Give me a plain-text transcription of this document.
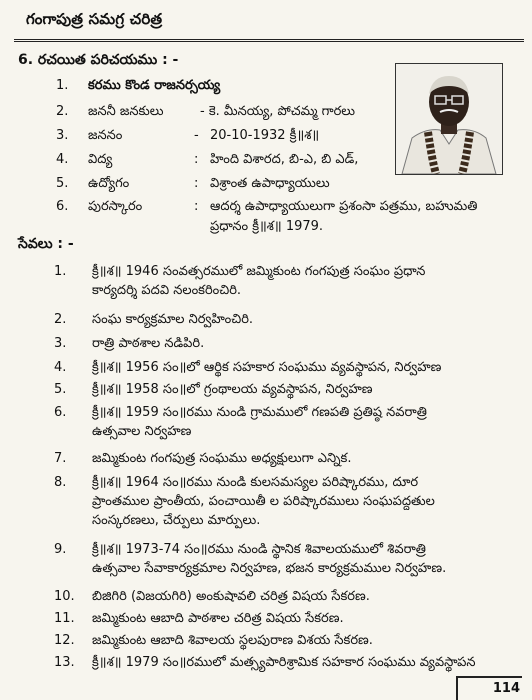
గంగాపుత్ర సమగ్ర చరిత్ర
6. రచయిత పరిచయము : -
1.	కరము కొండ రాజనర్సయ్య
2.	జననీ జనకులు	- కె. మీనయ్య, పోచమ్మ గారలు
3.	జననం	- 20-10-1932 క్రీ॥శ॥
4.	విద్య	: హింది విశారద, బి-ఎ, బి ఎడ్,
5.	ఉద్యోగం	: విశ్రాంత ఉపాధ్యాయులు
6.	పురస్కారం	: ఆదర్శ ఉపాధ్యాయులుగా ప్రశంసా పత్రము, బహుమతి
ప్రధానం క్రీ॥శ॥ 1979.
సేవలు : -
1.	క్రీ॥శ॥ 1946 సంవత్సరములో జమ్మికుంట గంగపుత్ర సంఘం ప్రధాన
కార్యదర్శి పదవి నలంకరించిరి.
2.	సంఘ కార్యక్రమాల నిర్వహించిరి.
3.	రాత్రి పాఠశాల నడిపిరి.
4.	క్రీ॥శ॥ 1956 సం॥లో ఆర్థిక సహకార సంఘము వ్యవస్థాపన, నిర్వహణ
5.	క్రీ॥శ॥ 1958 సం॥లో గ్రంథాలయ వ్యవస్థాపన, నిర్వహణ
6.	క్రీ॥శ॥ 1959 సం॥రము నుండి గ్రామములో గణపతి ప్రతిష్ఠ నవరాత్రి
ఉత్సవాల నిర్వహణ
7.	జమ్మికుంట గంగపుత్ర సంఘము అధ్యక్షులుగా ఎన్నిక.
8.	క్రీ॥శ॥ 1964 సం॥రము నుండి కులసమస్యల పరిష్కారము, దూర
ప్రాంతముల ప్రాంతీయ, పంచాయితీ ల పరిష్కారములు సంఘపద్దతుల
సంస్కరణలు, చేర్పులు మార్పులు.
9.	క్రీ॥శ॥ 1973-74 సం॥రము నుండి స్థానిక శివాలయములో శివరాత్రి
ఉత్సవాల సేవాకార్యక్రమాల నిర్వహణ, భజన కార్యక్రమముల నిర్వహణ.
10.	బిజిగిరి (విజయగిరి) అంకుషావలి చరిత్ర విషయ సేకరణ.
11.	జమ్మికుంట ఆబాది పాఠశాల చరిత్ర విషయ సేకరణ.
12.	జమ్మికుంట ఆబాది శివాలయ స్థలపురాణ విశయ సేకరణ.
13.	క్రీ॥శ॥ 1979 సం॥రములో మత్స్యపారిశ్రామిక సహకార సంఘము వ్యవస్థాపన
114
